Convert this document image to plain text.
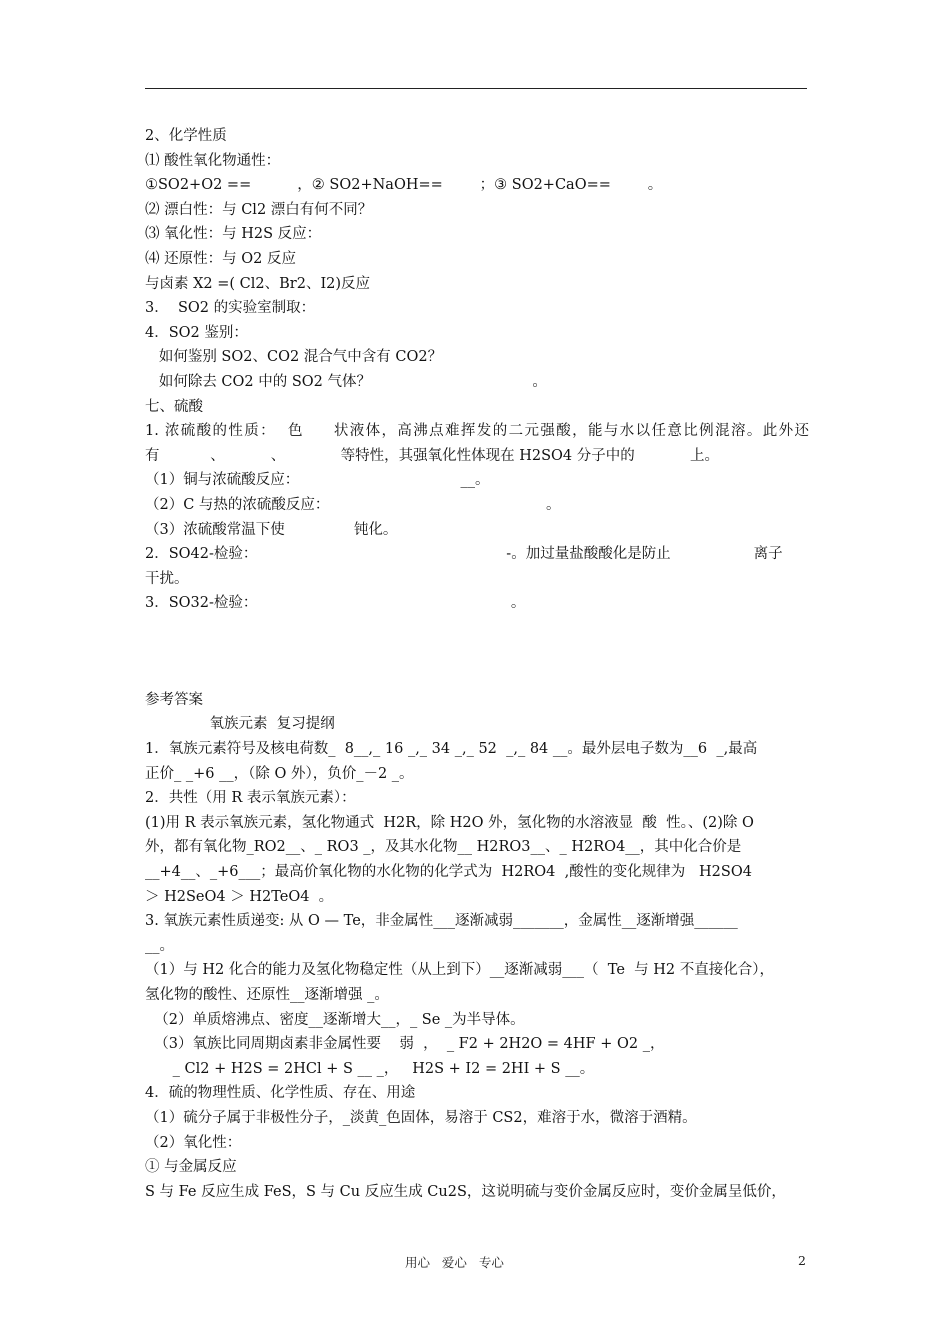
2、化学性质
⑴ 酸性氧化物通性：
①SO2+O2 ==          ，② SO2+NaOH==        ；③ SO2+CaO==        。
⑵ 漂白性：与 Cl2 漂白有何不同？
⑶ 氧化性：与 H2S 反应：
⑷ 还原性：与 O2 反应
与卤素 X2 =( Cl2、Br2、I2)反应
3．  SO2 的实验室制取：
4．SO2 鉴别：
如何鉴别 SO2、CO2 混合气中含有 CO2？
如何除去 CO2 中的 SO2 气体？                                   。
七、硫酸
1. 浓硫酸的性质：  色     状液体，高沸点难挥发的二元强酸，能与水以任意比例混溶。此外还
有           、          、            等特性，其强氧化性体现在 H2SO4 分子中的            上。
（1）铜与浓硫酸反应：                                   __。
（2）C 与热的浓硫酸反应：                                               。
（3）浓硫酸常温下使               钝化。
2．SO42-检验：                                                      -。加过量盐酸酸化是防止                  离子
干扰。
3．SO32-检验：                                                       。
参考答案
氧族元素  复习提纲
1．氧族元素符号及核电荷数_  8__,_ 16 _,_ 34 _,_ 52  _,_ 84 __。最外层电子数为__6  _,最高
正价_ _+6 __，（除 O 外），负价_－2 _。
2．共性（用 R 表示氧族元素）：
(1)用 R 表示氧族元素，氢化物通式  H2R，除 H2O 外，氢化物的水溶液显  酸  性。、(2)除 O
外，都有氧化物_RO2__、_ RO3 _，及其水化物__ H2RO3__、_ H2RO4__，其中化合价是
__+4__、_+6___；最高价氧化物的水化物的化学式为  H2RO4  ,酸性的变化规律为   H2SO4
＞ H2SeO4 ＞ H2TeO4  。
3. 氧族元素性质递变: 从 O — Te，非金属性___逐渐减弱_______，金属性__逐渐增强______
__。
（1）与 H2 化合的能力及氢化物稳定性（从上到下）__逐渐减弱___（  Te  与 H2 不直接化合），
氢化物的酸性、还原性__逐渐增强 _。
（2）单质熔沸点、密度__逐渐增大__，_ Se _为半导体。
（3）氧族比同周期卤素非金属性要    弱  ，  _ F2 + 2H2O = 4HF + O2 _，
_ Cl2 + H2S = 2HCl + S __ _，   H2S + I2 = 2HI + S __。
4．硫的物理性质、化学性质、存在、用途
（1）硫分子属于非极性分子，_淡黄_色固体，易溶于 CS2，难溶于水，微溶于酒精。
（2）氧化性：
① 与金属反应
S 与 Fe 反应生成 FeS，S 与 Cu 反应生成 Cu2S，这说明硫与变价金属反应时，变价金属呈低价，
用心   爱心   专心	2
